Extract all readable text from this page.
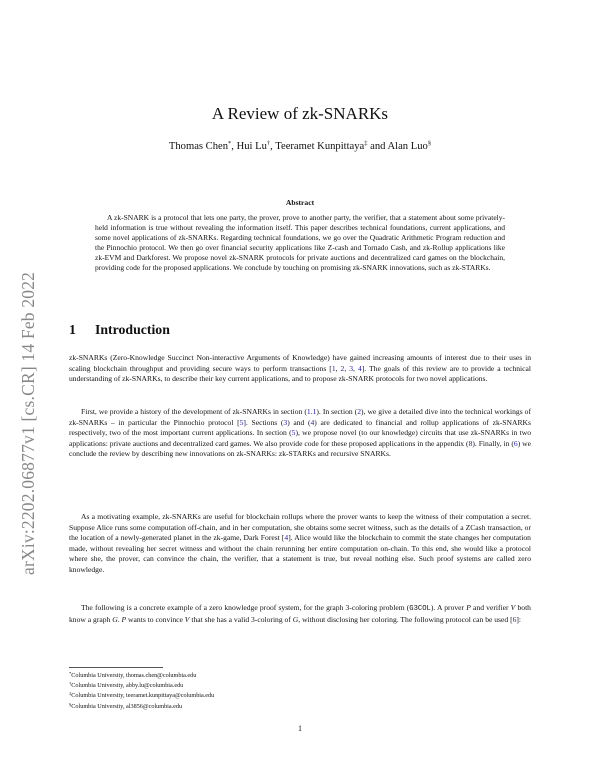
arXiv:2202.06877v1 [cs.CR] 14 Feb 2022
A Review of zk-SNARKs
Thomas Chen*, Hui Lu†, Teeramet Kunpittaya‡ and Alan Luo§
Abstract
A zk-SNARK is a protocol that lets one party, the prover, prove to another party, the verifier, that a statement about some privately-held information is true without revealing the information itself. This paper describes technical foundations, current applications, and some novel applications of zk-SNARKs. Regarding technical foundations, we go over the Quadratic Arithmetic Program reduction and the Pinnochio protocol. We then go over financial security applications like Z-cash and Tornado Cash, and zk-Rollup applications like zk-EVM and Darkforest. We propose novel zk-SNARK protocols for private auctions and decentralized card games on the blockchain, providing code for the proposed applications. We conclude by touching on promising zk-SNARK innovations, such as zk-STARKs.
1 Introduction
zk-SNARKs (Zero-Knowledge Succinct Non-interactive Arguments of Knowledge) have gained increasing amounts of interest due to their uses in scaling blockchain throughput and providing secure ways to perform transactions [1, 2, 3, 4]. The goals of this review are to provide a technical understanding of zk-SNARKs, to describe their key current applications, and to propose zk-SNARK protocols for two novel applications.
First, we provide a history of the development of zk-SNARKs in section (1.1). In section (2), we give a detailed dive into the technical workings of zk-SNARKs – in particular the Pinnochio protocol [5]. Sections (3) and (4) are dedicated to financial and rollup applications of zk-SNARKs respectively, two of the most important current applications. In section (5), we propose novel (to our knowledge) circuits that use zk-SNARKs in two applications: private auctions and decentralized card games. We also provide code for these proposed applications in the appendix (8). Finally, in (6) we conclude the review by describing new innovations on zk-SNARKs: zk-STARKs and recursive SNARKs.
As a motivating example, zk-SNARKs are useful for blockchain rollups where the prover wants to keep the witness of their computation a secret. Suppose Alice runs some computation off-chain, and in her computation, she obtains some secret witness, such as the details of a ZCash transaction, or the location of a newly-generated planet in the zk-game, Dark Forest [4]. Alice would like the blockchain to commit the state changes her computation made, without revealing her secret witness and without the chain rerunning her entire computation on-chain. To this end, she would like a protocol where she, the prover, can convince the chain, the verifier, that a statement is true, but reveal nothing else. Such proof systems are called zero knowledge.
The following is a concrete example of a zero knowledge proof system, for the graph 3-coloring problem (G3COL). A prover P and verifier V both know a graph G. P wants to convince V that she has a valid 3-coloring of G, without disclosing her coloring. The following protocol can be used [6]:
*Columbia University, thomas.chen@columbia.edu
†Columbia University, abby.lu@columbia.edu
‡Columbia University, teeramet.kunpittaya@columbia.edu
§Columbia University, al3856@columbia.edu
1
